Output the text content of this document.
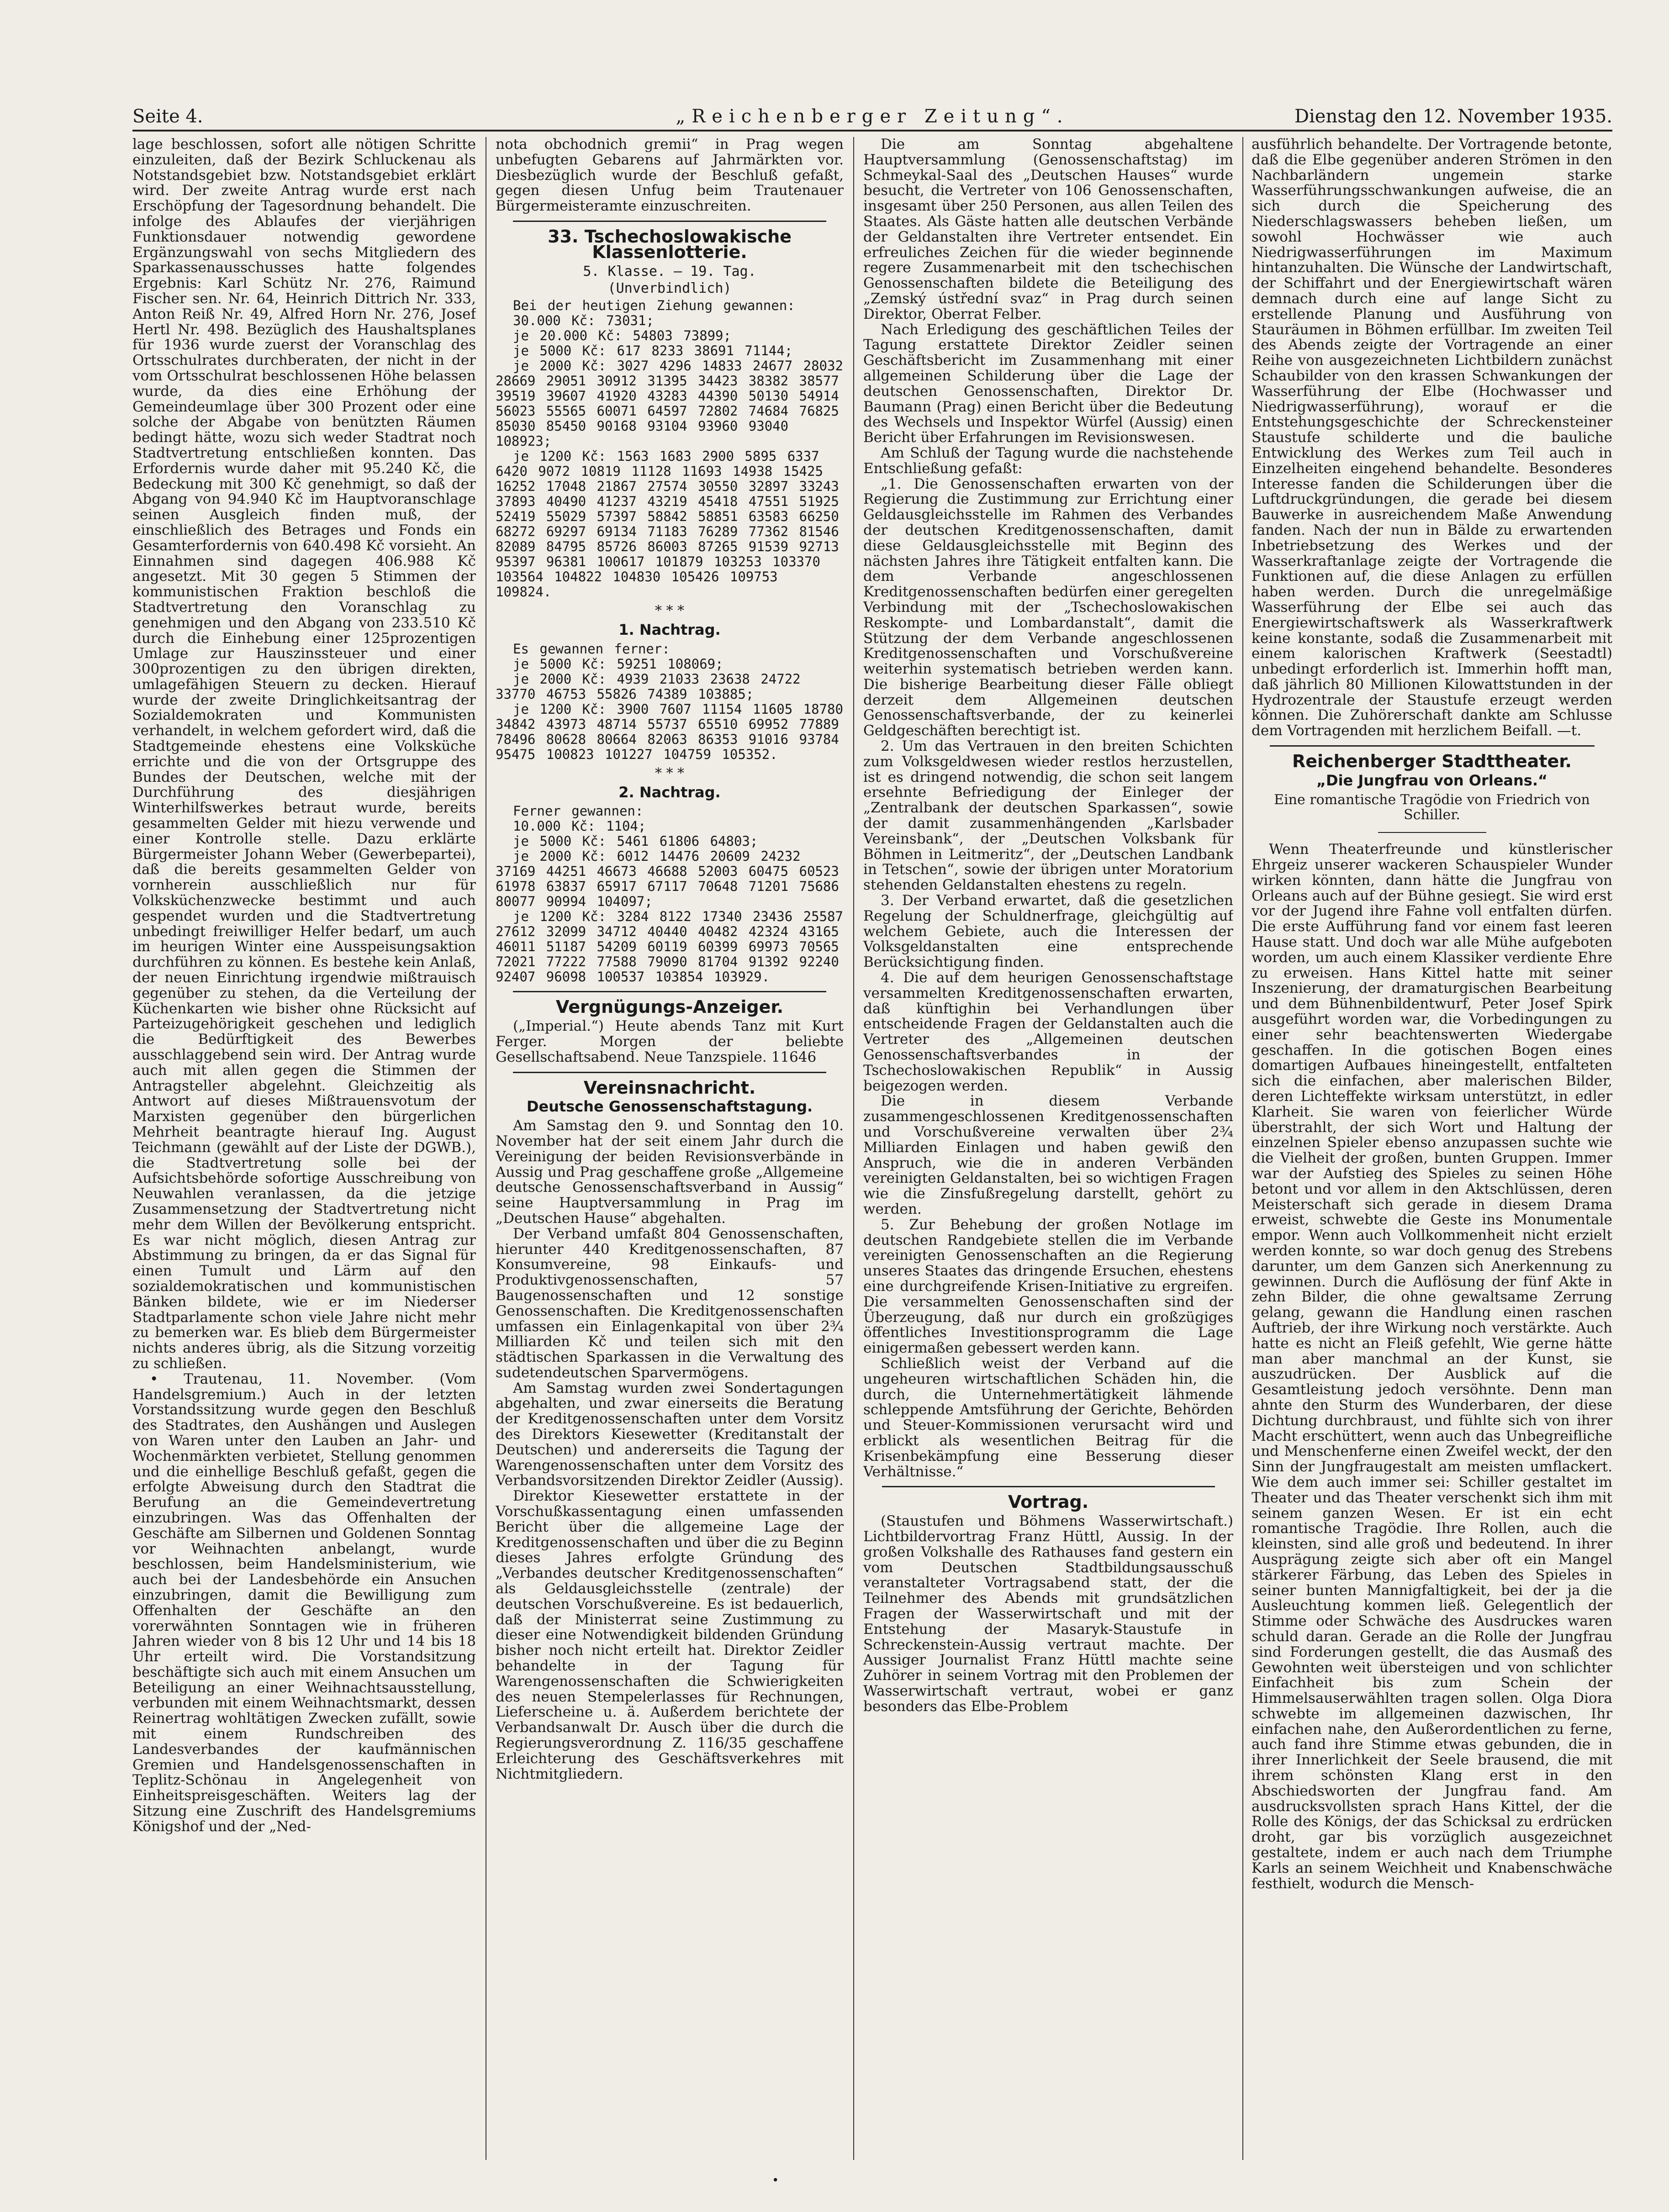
Seite 4.	„Reichenberger Zeitung“.	Dienstag den 12. November 1935.

lage beschlossen, sofort alle nötigen Schritte einzuleiten, daß der Bezirk Schluckenau als Notstandsgebiet bzw. Notstandsgebiet erklärt wird. Der zweite Antrag wurde erst nach Erschöpfung der Tagesordnung behandelt. Die infolge des Ablaufes der vierjährigen Funktionsdauer notwendig gewordene Ergänzungswahl von sechs Mitgliedern des Sparkassenausschusses hatte folgendes Ergebnis: Karl Schütz Nr. 276, Raimund Fischer sen. Nr. 64, Heinrich Dittrich Nr. 333, Anton Reiß Nr. 49, Alfred Horn Nr. 276, Josef Hertl Nr. 498. Bezüglich des Haushaltsplanes für 1936 wurde zuerst der Voranschlag des Ortsschulrates durchberaten, der nicht in der vom Ortsschulrat beschlossenen Höhe belassen wurde, da dies eine Erhöhung der Gemeindeumlage über 300 Prozent oder eine solche der Abgabe von benützten Räumen bedingt hätte, wozu sich weder Stadtrat noch Stadtvertretung entschließen konnten. Das Erfordernis wurde daher mit 95.240 Kč, die Bedeckung mit 300 Kč genehmigt, so daß der Abgang von 94.940 Kč im Hauptvoranschlage seinen Ausgleich finden muß, der einschließlich des Betrages und Fonds ein Gesamterfordernis von 640.498 Kč vorsieht. An Einnahmen sind dagegen 406.988 Kč angesetzt. Mit 30 gegen 5 Stimmen der kommunistischen Fraktion beschloß die Stadtvertretung den Voranschlag zu genehmigen und den Abgang von 233.510 Kč durch die Einhebung einer 125prozentigen Umlage zur Hauszinssteuer und einer 300prozentigen zu den übrigen direkten, umlagefähigen Steuern zu decken. Hierauf wurde der zweite Dringlichkeitsantrag der Sozialdemokraten und Kommunisten verhandelt, in welchem gefordert wird, daß die Stadtgemeinde ehestens eine Volksküche errichte und die von der Ortsgruppe des Bundes der Deutschen, welche mit der Durchführung des diesjährigen Winterhilfswerkes betraut wurde, bereits gesammelten Gelder mit hiezu verwende und einer Kontrolle stelle. Dazu erklärte Bürgermeister Johann Weber (Gewerbepartei), daß die bereits gesammelten Gelder von vornherein ausschließlich nur für Volksküchenzwecke bestimmt und auch gespendet wurden und die Stadtvertretung unbedingt freiwilliger Helfer bedarf, um auch im heurigen Winter eine Ausspeisungsaktion durchführen zu können. Es bestehe kein Anlaß, der neuen Einrichtung irgendwie mißtrauisch gegenüber zu stehen, da die Verteilung der Küchenkarten wie bisher ohne Rücksicht auf Parteizugehörigkeit geschehen und lediglich die Bedürftigkeit des Bewerbes ausschlaggebend sein wird. Der Antrag wurde auch mit allen gegen die Stimmen der Antragsteller abgelehnt. Gleichzeitig als Antwort auf dieses Mißtrauensvotum der Marxisten gegenüber den bürgerlichen Mehrheit beantragte hierauf Ing. August Teichmann (gewählt auf der Liste der DGWB.), die Stadtvertretung solle bei der Aufsichtsbehörde sofortige Ausschreibung von Neuwahlen veranlassen, da die jetzige Zusammensetzung der Stadtvertretung nicht mehr dem Willen der Bevölkerung entspricht. Es war nicht möglich, diesen Antrag zur Abstimmung zu bringen, da er das Signal für einen Tumult und Lärm auf den sozialdemokratischen und kommunistischen Bänken bildete, wie er im Niederser Stadtparlamente schon viele Jahre nicht mehr zu bemerken war. Es blieb dem Bürgermeister nichts anderes übrig, als die Sitzung vorzeitig zu schließen.

• Trautenau, 11. November. (Vom Handelsgremium.) Auch in der letzten Vorstandssitzung wurde gegen den Beschluß des Stadtrates, den Aushängen und Auslegen von Waren unter den Lauben an Jahr- und Wochenmärkten verbietet, Stellung genommen und die einhellige Beschluß gefaßt, gegen die erfolgte Abweisung durch den Stadtrat die Berufung an die Gemeindevertretung einzubringen. Was das Offenhalten der Geschäfte am Silbernen und Goldenen Sonntag vor Weihnachten anbelangt, wurde beschlossen, beim Handelsministerium, wie auch bei der Landesbehörde ein Ansuchen einzubringen, damit die Bewilligung zum Offenhalten der Geschäfte an den vorerwähnten Sonntagen wie in früheren Jahren wieder von 8 bis 12 Uhr und 14 bis 18 Uhr erteilt wird. Die Vorstandsitzung beschäftigte sich auch mit einem Ansuchen um Beteiligung an einer Weihnachtsausstellung, verbunden mit einem Weihnachtsmarkt, dessen Reinertrag wohltätigen Zwecken zufällt, sowie mit einem Rundschreiben des Landesverbandes der kaufmännischen Gremien und Handelsgenossenschaften in Teplitz-Schönau in Angelegenheit von Einheitspreisgeschäften. Weiters lag der Sitzung eine Zuschrift des Handelsgremiums Königshof und der „Ned-

nota obchodnich gremii“ in Prag wegen unbefugten Gebarens auf Jahrmärkten vor. Diesbezüglich wurde der Beschluß gefaßt, gegen diesen Unfug beim Trautenauer Bürgermeisteramte einzuschreiten.

33. Tschechoslowakische Klassenlotterie.
5. Klasse. — 19. Tag.
(Unverbindlich)

Bei der heutigen Ziehung gewannen:

30.000 Kč: 73031;

je 20.000 Kč: 54803 73899;

je 5000 Kč: 617 8233 38691 71144;

je 2000 Kč: 3027 4296 14833 24677 28032 28669 29051 30912 31395 34423 38382 38577 39519 39607 41920 43283 44390 50130 54914 56023 55565 60071 64597 72802 74684 76825 85030 85450 90168 93104 93960 93040 108923;

je 1200 Kč: 1563 1683 2900 5895 6337 6420 9072 10819 11128 11693 14938 15425 16252 17048 21867 27574 30550 32897 33243 37893 40490 41237 43219 45418 47551 51925 52419 55029 57397 58842 58851 63583 66250 68272 69297 69134 71183 76289 77362 81546 82089 84795 85726 86003 87265 91539 92713 95397 96381 100617 101879 103253 103370 103564 104822 104830 105426 109753 109824.

* * *
1. Nachtrag.

Es gewannen ferner:

je 5000 Kč: 59251 108069;

je 2000 Kč: 4939 21033 23638 24722 33770 46753 55826 74389 103885;

je 1200 Kč: 3900 7607 11154 11605 18780 34842 43973 48714 55737 65510 69952 77889 78496 80628 80664 82063 86353 91016 93784 95475 100823 101227 104759 105352.

* * *
2. Nachtrag.

Ferner gewannen:

10.000 Kč: 1104;

je 5000 Kč: 5461 61806 64803;

je 2000 Kč: 6012 14476 20609 24232 37169 44251 46673 46688 52003 60475 60523 61978 63837 65917 67117 70648 71201 75686 80077 90994 104097;

je 1200 Kč: 3284 8122 17340 23436 25587 27612 32099 34712 40440 40482 42324 43165 46011 51187 54209 60119 60399 69973 70565 72021 77222 77588 79090 81704 91392 92240 92407 96098 100537 103854 103929.

Vergnügungs-Anzeiger.

(„Imperial.“) Heute abends Tanz mit Kurt Ferger. Morgen der beliebte Gesellschaftsabend. Neue Tanzspiele. 11646

Vereinsnachricht.
Deutsche Genossenschaftstagung.

Am Samstag den 9. und Sonntag den 10. November hat der seit einem Jahr durch die Vereinigung der beiden Revisionsverbände in Aussig und Prag geschaffene große „Allgemeine deutsche Genossenschaftsverband in Aussig“ seine Hauptversammlung in Prag im „Deutschen Hause“ abgehalten.

Der Verband umfaßt 804 Genossenschaften, hierunter 440 Kreditgenossenschaften, 87 Konsumvereine, 98 Einkaufs- und Produktivgenossenschaften, 57 Baugenossenschaften und 12 sonstige Genossenschaften. Die Kreditgenossenschaften umfassen ein Einlagenkapital von über 2¾ Milliarden Kč und teilen sich mit den städtischen Sparkassen in die Verwaltung des sudetendeutschen Sparvermögens.

Am Samstag wurden zwei Sondertagungen abgehalten, und zwar einerseits die Beratung der Kreditgenossenschaften unter dem Vorsitz des Direktors Kiesewetter (Kreditanstalt der Deutschen) und andererseits die Tagung der Warengenossenschaften unter dem Vorsitz des Verbandsvorsitzenden Direktor Zeidler (Aussig).

Direktor Kiesewetter erstattete in der Vorschußkassentagung einen umfassenden Bericht über die allgemeine Lage der Kreditgenossenschaften und über die zu Beginn dieses Jahres erfolgte Gründung des „Verbandes deutscher Kreditgenossenschaften“ als Geldausgleichsstelle (zentrale) der deutschen Vorschußvereine. Es ist bedauerlich, daß der Ministerrat seine Zustimmung zu dieser eine Notwendigkeit bildenden Gründung bisher noch nicht erteilt hat. Direktor Zeidler behandelte in der Tagung für Warengenossenschaften die Schwierigkeiten des neuen Stempelerlasses für Rechnungen, Lieferscheine u. ä. Außerdem berichtete der Verbandsanwalt Dr. Ausch über die durch die Regierungsverordnung Z. 116/35 geschaffene Erleichterung des Geschäftsverkehres mit Nichtmitgliedern.

Die am Sonntag abgehaltene Hauptversammlung (Genossenschaftstag) im Schmeykal-Saal des „Deutschen Hauses“ wurde besucht, die Vertreter von 106 Genossenschaften, insgesamt über 250 Personen, aus allen Teilen des Staates. Als Gäste hatten alle deutschen Verbände der Geldanstalten ihre Vertreter entsendet. Ein erfreuliches Zeichen für die wieder beginnende regere Zusammenarbeit mit den tschechischen Genossenschaften bildete die Beteiligung des „Zemský ústřední svaz“ in Prag durch seinen Direktor, Oberrat Felber.

Nach Erledigung des geschäftlichen Teiles der Tagung erstattete Direktor Zeidler seinen Geschäftsbericht im Zusammenhang mit einer allgemeinen Schilderung über die Lage der deutschen Genossenschaften, Direktor Dr. Baumann (Prag) einen Bericht über die Bedeutung des Wechsels und Inspektor Würfel (Aussig) einen Bericht über Erfahrungen im Revisionswesen.

Am Schluß der Tagung wurde die nachstehende Entschließung gefaßt:

„1. Die Genossenschaften erwarten von der Regierung die Zustimmung zur Errichtung einer Geldausgleichsstelle im Rahmen des Verbandes der deutschen Kreditgenossenschaften, damit diese Geldausgleichsstelle mit Beginn des nächsten Jahres ihre Tätigkeit entfalten kann. Die dem Verbande angeschlossenen Kreditgenossenschaften bedürfen einer geregelten Verbindung mit der „Tschechoslowakischen Reskompte- und Lombardanstalt“, damit die Stützung der dem Verbande angeschlossenen Kreditgenossenschaften und Vorschußvereine weiterhin systematisch betrieben werden kann. Die bisherige Bearbeitung dieser Fälle obliegt derzeit dem Allgemeinen deutschen Genossenschaftsverbande, der zu keinerlei Geldgeschäften berechtigt ist.

2. Um das Vertrauen in den breiten Schichten zum Volksgeldwesen wieder restlos herzustellen, ist es dringend notwendig, die schon seit langem ersehnte Befriedigung der Einleger der „Zentralbank der deutschen Sparkassen“, sowie der damit zusammenhängenden „Karlsbader Vereinsbank“, der „Deutschen Volksbank für Böhmen in Leitmeritz“, der „Deutschen Landbank in Tetschen“, sowie der übrigen unter Moratorium stehenden Geldanstalten ehestens zu regeln.

3. Der Verband erwartet, daß die gesetzlichen Regelung der Schuldnerfrage, gleichgültig auf welchem Gebiete, auch die Interessen der Volksgeldanstalten eine entsprechende Berücksichtigung finden.

4. Die auf dem heurigen Genossenschaftstage versammelten Kreditgenossenschaften erwarten, daß künftighin bei Verhandlungen über entscheidende Fragen der Geldanstalten auch die Vertreter des „Allgemeinen deutschen Genossenschaftsverbandes in der Tschechoslowakischen Republik“ in Aussig beigezogen werden.

Die in diesem Verbande zusammengeschlossenen Kreditgenossenschaften und Vorschußvereine verwalten über 2¾ Milliarden Einlagen und haben gewiß den Anspruch, wie die in anderen Verbänden vereinigten Geldanstalten, bei so wichtigen Fragen wie die Zinsfußregelung darstellt, gehört zu werden.

5. Zur Behebung der großen Notlage im deutschen Randgebiete stellen die im Verbande vereinigten Genossenschaften an die Regierung unseres Staates das dringende Ersuchen, ehestens eine durchgreifende Krisen-Initiative zu ergreifen. Die versammelten Genossenschaften sind der Überzeugung, daß nur durch ein großzügiges öffentliches Investitionsprogramm die Lage einigermaßen gebessert werden kann.

Schließlich weist der Verband auf die ungeheuren wirtschaftlichen Schäden hin, die durch, die Unternehmertätigkeit lähmende schleppende Amtsführung der Gerichte, Behörden und Steuer-Kommissionen verursacht wird und erblickt als wesentlichen Beitrag für die Krisenbekämpfung eine Besserung dieser Verhältnisse.“

Vortrag.

(Staustufen und Böhmens Wasserwirtschaft.) Lichtbildervortrag Franz Hüttl, Aussig. In der großen Volkshalle des Rathauses fand gestern ein vom Deutschen Stadtbildungsausschuß veranstalteter Vortragsabend statt, der die Teilnehmer des Abends mit grundsätzlichen Fragen der Wasserwirtschaft und mit der Entstehung der Masaryk-Staustufe in Schreckenstein-Aussig vertraut machte. Der Aussiger Journalist Franz Hüttl machte seine Zuhörer in seinem Vortrag mit den Problemen der Wasserwirtschaft vertraut, wobei er ganz besonders das Elbe-Problem

ausführlich behandelte. Der Vortragende betonte, daß die Elbe gegenüber anderen Strömen in den Nachbarländern ungemein starke Wasserführungsschwankungen aufweise, die an sich durch die Speicherung des Niederschlagswassers beheben ließen, um sowohl Hochwässer wie auch Niedrigwasserführungen im Maximum hintanzuhalten. Die Wünsche der Landwirtschaft, der Schiffahrt und der Energiewirtschaft wären demnach durch eine auf lange Sicht zu erstellende Planung und Ausführung von Stauräumen in Böhmen erfüllbar. Im zweiten Teil des Abends zeigte der Vortragende an einer Reihe von ausgezeichneten Lichtbildern zunächst Schaubilder von den krassen Schwankungen der Wasserführung der Elbe (Hochwasser und Niedrigwasserführung), worauf er die Entstehungsgeschichte der Schreckensteiner Staustufe schilderte und die bauliche Entwicklung des Werkes zum Teil auch in Einzelheiten eingehend behandelte. Besonderes Interesse fanden die Schilderungen über die Luftdruckgründungen, die gerade bei diesem Bauwerke in ausreichendem Maße Anwendung fanden. Nach der nun in Bälde zu erwartenden Inbetriebsetzung des Werkes und der Wasserkraftanlage zeigte der Vortragende die Funktionen auf, die diese Anlagen zu erfüllen haben werden. Durch die unregelmäßige Wasserführung der Elbe sei auch das Energiewirtschaftswerk als Wasserkraftwerk keine konstante, sodaß die Zusammenarbeit mit einem kalorischen Kraftwerk (Seestadtl) unbedingt erforderlich ist. Immerhin hofft man, daß jährlich 80 Millionen Kilowattstunden in der Hydrozentrale der Staustufe erzeugt werden können. Die Zuhörerschaft dankte am Schlusse dem Vortragenden mit herzlichem Beifall. —t.

Reichenberger Stadttheater.
„Die Jungfrau von Orleans.“
Eine romantische Tragödie von Friedrich von Schiller.

Wenn Theaterfreunde und künstlerischer Ehrgeiz unserer wackeren Schauspieler Wunder wirken könnten, dann hätte die Jungfrau von Orleans auch auf der Bühne gesiegt. Sie wird erst vor der Jugend ihre Fahne voll entfalten dürfen. Die erste Aufführung fand vor einem fast leeren Hause statt. Und doch war alle Mühe aufgeboten worden, um auch einem Klassiker verdiente Ehre zu erweisen. Hans Kittel hatte mit seiner Inszenierung, der dramaturgischen Bearbeitung und dem Bühnenbildentwurf, Peter Josef Spirk ausgeführt worden war, die Vorbedingungen zu einer sehr beachtenswerten Wiedergabe geschaffen. In die gotischen Bogen eines domartigen Aufbaues hineingestellt, entfalteten sich die einfachen, aber malerischen Bilder, deren Lichteffekte wirksam unterstützt, in edler Klarheit. Sie waren von feierlicher Würde überstrahlt, der sich Wort und Haltung der einzelnen Spieler ebenso anzupassen suchte wie die Vielheit der großen, bunten Gruppen. Immer war der Aufstieg des Spieles zu seinen Höhe betont und vor allem in den Aktschlüssen, deren Meisterschaft sich gerade in diesem Drama erweist, schwebte die Geste ins Monumentale empor. Wenn auch Vollkommenheit nicht erzielt werden konnte, so war doch genug des Strebens darunter, um dem Ganzen sich Anerkennung zu gewinnen. Durch die Auflösung der fünf Akte in zehn Bilder, die ohne gewaltsame Zerrung gelang, gewann die Handlung einen raschen Auftrieb, der ihre Wirkung noch verstärkte. Auch hatte es nicht an Fleiß gefehlt, Wie gerne hätte man aber manchmal an der Kunst, sie auszudrücken. Der Ausblick auf die Gesamtleistung jedoch versöhnte. Denn man ahnte den Sturm des Wunderbaren, der diese Dichtung durchbraust, und fühlte sich von ihrer Macht erschüttert, wenn auch das Unbegreifliche und Menschenferne einen Zweifel weckt, der den Sinn der Jungfraugestalt am meisten umflackert. Wie dem auch immer sei: Schiller gestaltet im Theater und das Theater verschenkt sich ihm mit seinem ganzen Wesen. Er ist ein echt romantische Tragödie. Ihre Rollen, auch die kleinsten, sind alle groß und bedeutend. In ihrer Ausprägung zeigte sich aber oft ein Mangel stärkerer Färbung, das Leben des Spieles in seiner bunten Mannigfaltigkeit, bei der ja die Ausleuchtung kommen ließ. Gelegentlich der Stimme oder Schwäche des Ausdruckes waren schuld daran. Gerade an die Rolle der Jungfrau sind Forderungen gestellt, die das Ausmaß des Gewohnten weit übersteigen und von schlichter Einfachheit bis zum Schein der Himmelsauserwählten tragen sollen. Olga Diora schwebte im allgemeinen dazwischen, Ihr einfachen nahe, den Außerordentlichen zu ferne, auch fand ihre Stimme etwas gebunden, die in ihrer Innerlichkeit der Seele brausend, die mit ihrem schönsten Klang erst in den Abschiedsworten der Jungfrau fand. Am ausdrucksvollsten sprach Hans Kittel, der die Rolle des Königs, der das Schicksal zu erdrücken droht, gar bis vorzüglich ausgezeichnet gestaltete, indem er auch nach dem Triumphe Karls an seinem Weichheit und Knabenschwäche festhielt, wodurch die Mensch-

•
